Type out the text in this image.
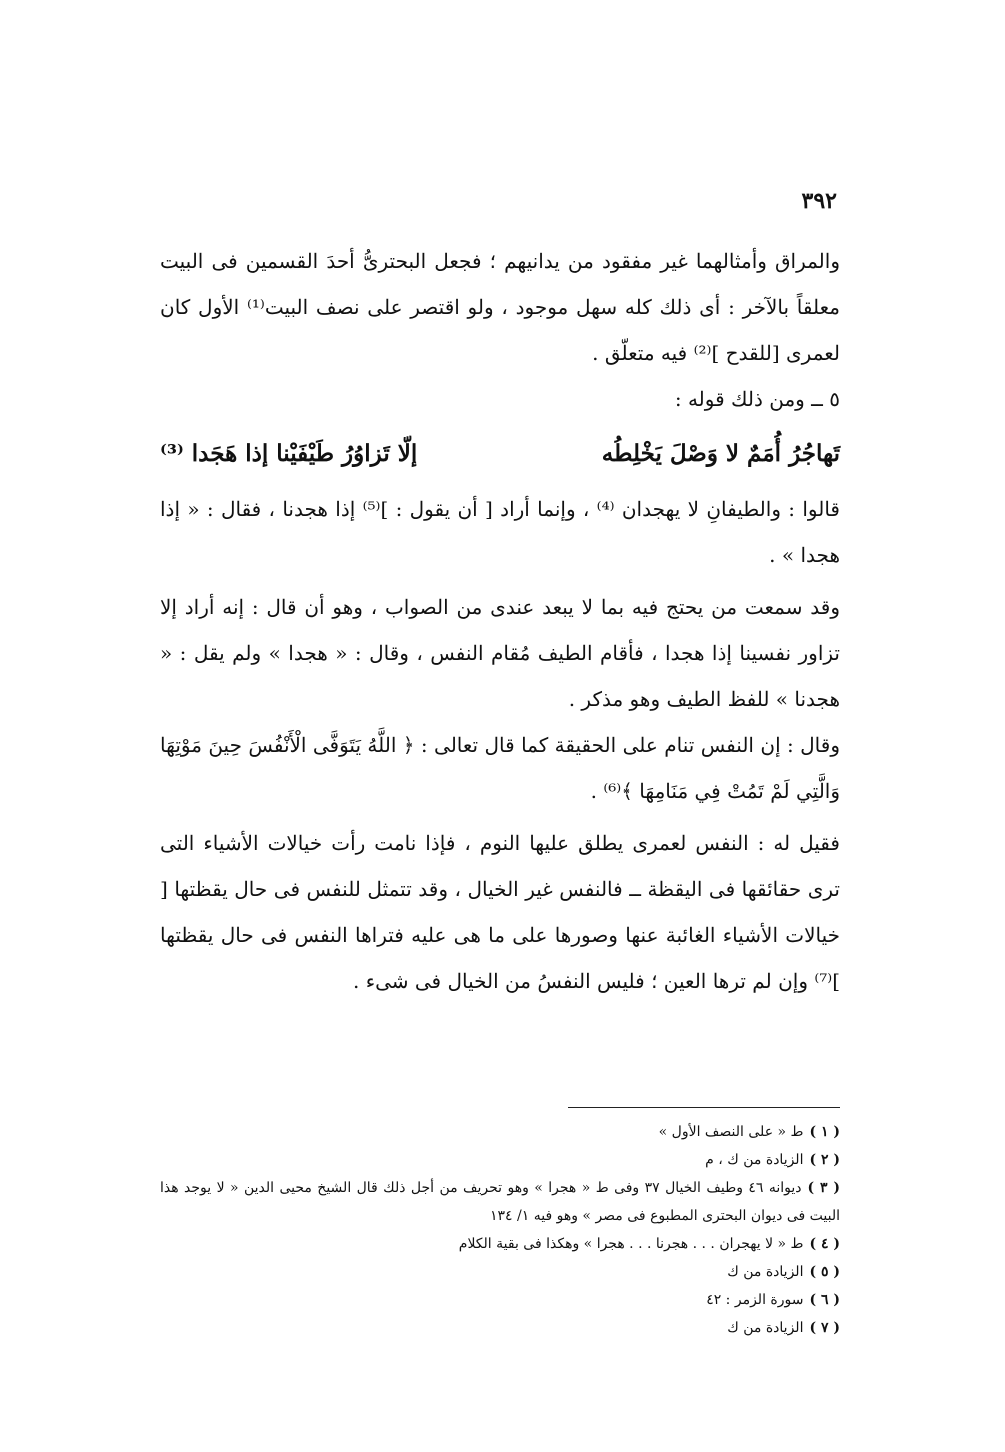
٣٩٢

والمراق وأمثالهما غير مفقود من يدانيهم ؛ فجعل البحترىُّ أحدَ القسمين فى البيت معلقاً بالآخر : أى ذلك كله سهل موجود ، ولو اقتصر على نصف البيت⁽¹⁾ الأول كان لعمرى [للقدح ]⁽²⁾ فيه متعلّق .

٥ ــ ومن ذلك قوله :

تَهاجُرُ أُمَمٌ لا وَصْلَ يَخْلِطُه
إلّا تَزاوُرُ طَيْفَيْنا إذا هَجَدا ⁽³⁾

قالوا : والطيفانِ لا يهجدان ⁽⁴⁾ ، وإنما أراد [ أن يقول : ]⁽⁵⁾ إذا هجدنا ، فقال : « إذا هجدا » .

وقد سمعت من يحتج فيه بما لا يبعد عندى من الصواب ، وهو أن قال : إنه أراد إلا تزاور نفسينا إذا هجدا ، فأقام الطيف مُقام النفس ، وقال : « هجدا » ولم يقل : « هجدنا » للفظ الطيف وهو مذكر .

وقال : إن النفس تنام على الحقيقة كما قال تعالى : ﴿ اللَّهُ يَتَوَفَّى الْأَنْفُسَ حِينَ مَوْتِهَا وَالَّتِي لَمْ تَمُتْ فِي مَنَامِهَا ﴾⁽⁶⁾ .

فقيل له : النفس لعمرى يطلق عليها النوم ، فإذا نامت رأت خيالات الأشياء التى ترى حقائقها فى اليقظة ــ فالنفس غير الخيال ، وقد تتمثل للنفس فى حال يقظتها [ خيالات الأشياء الغائبة عنها وصورها على ما هى عليه فتراها النفس فى حال يقظتها ]⁽⁷⁾ وإن لم ترها العين ؛ فليس النفسُ من الخيال فى شىء .

( ١ )ط « على النصف الأول »

( ٢ )الزيادة من ك ، م

( ٣ )ديوانه ٤٦ وطيف الخيال ٣٧ وفى ط « هجرا » وهو تحريف من أجل ذلك قال الشيخ محيى الدين « لا يوجد هذا البيت فى ديوان البحترى المطبوع فى مصر » وهو فيه ١/ ١٣٤

( ٤ )ط « لا يهجران . . . هجرنا . . . هجرا » وهكذا فى بقية الكلام

( ٥ )الزيادة من ك

( ٦ )سورة الزمر : ٤٢

( ٧ )الزيادة من ك
